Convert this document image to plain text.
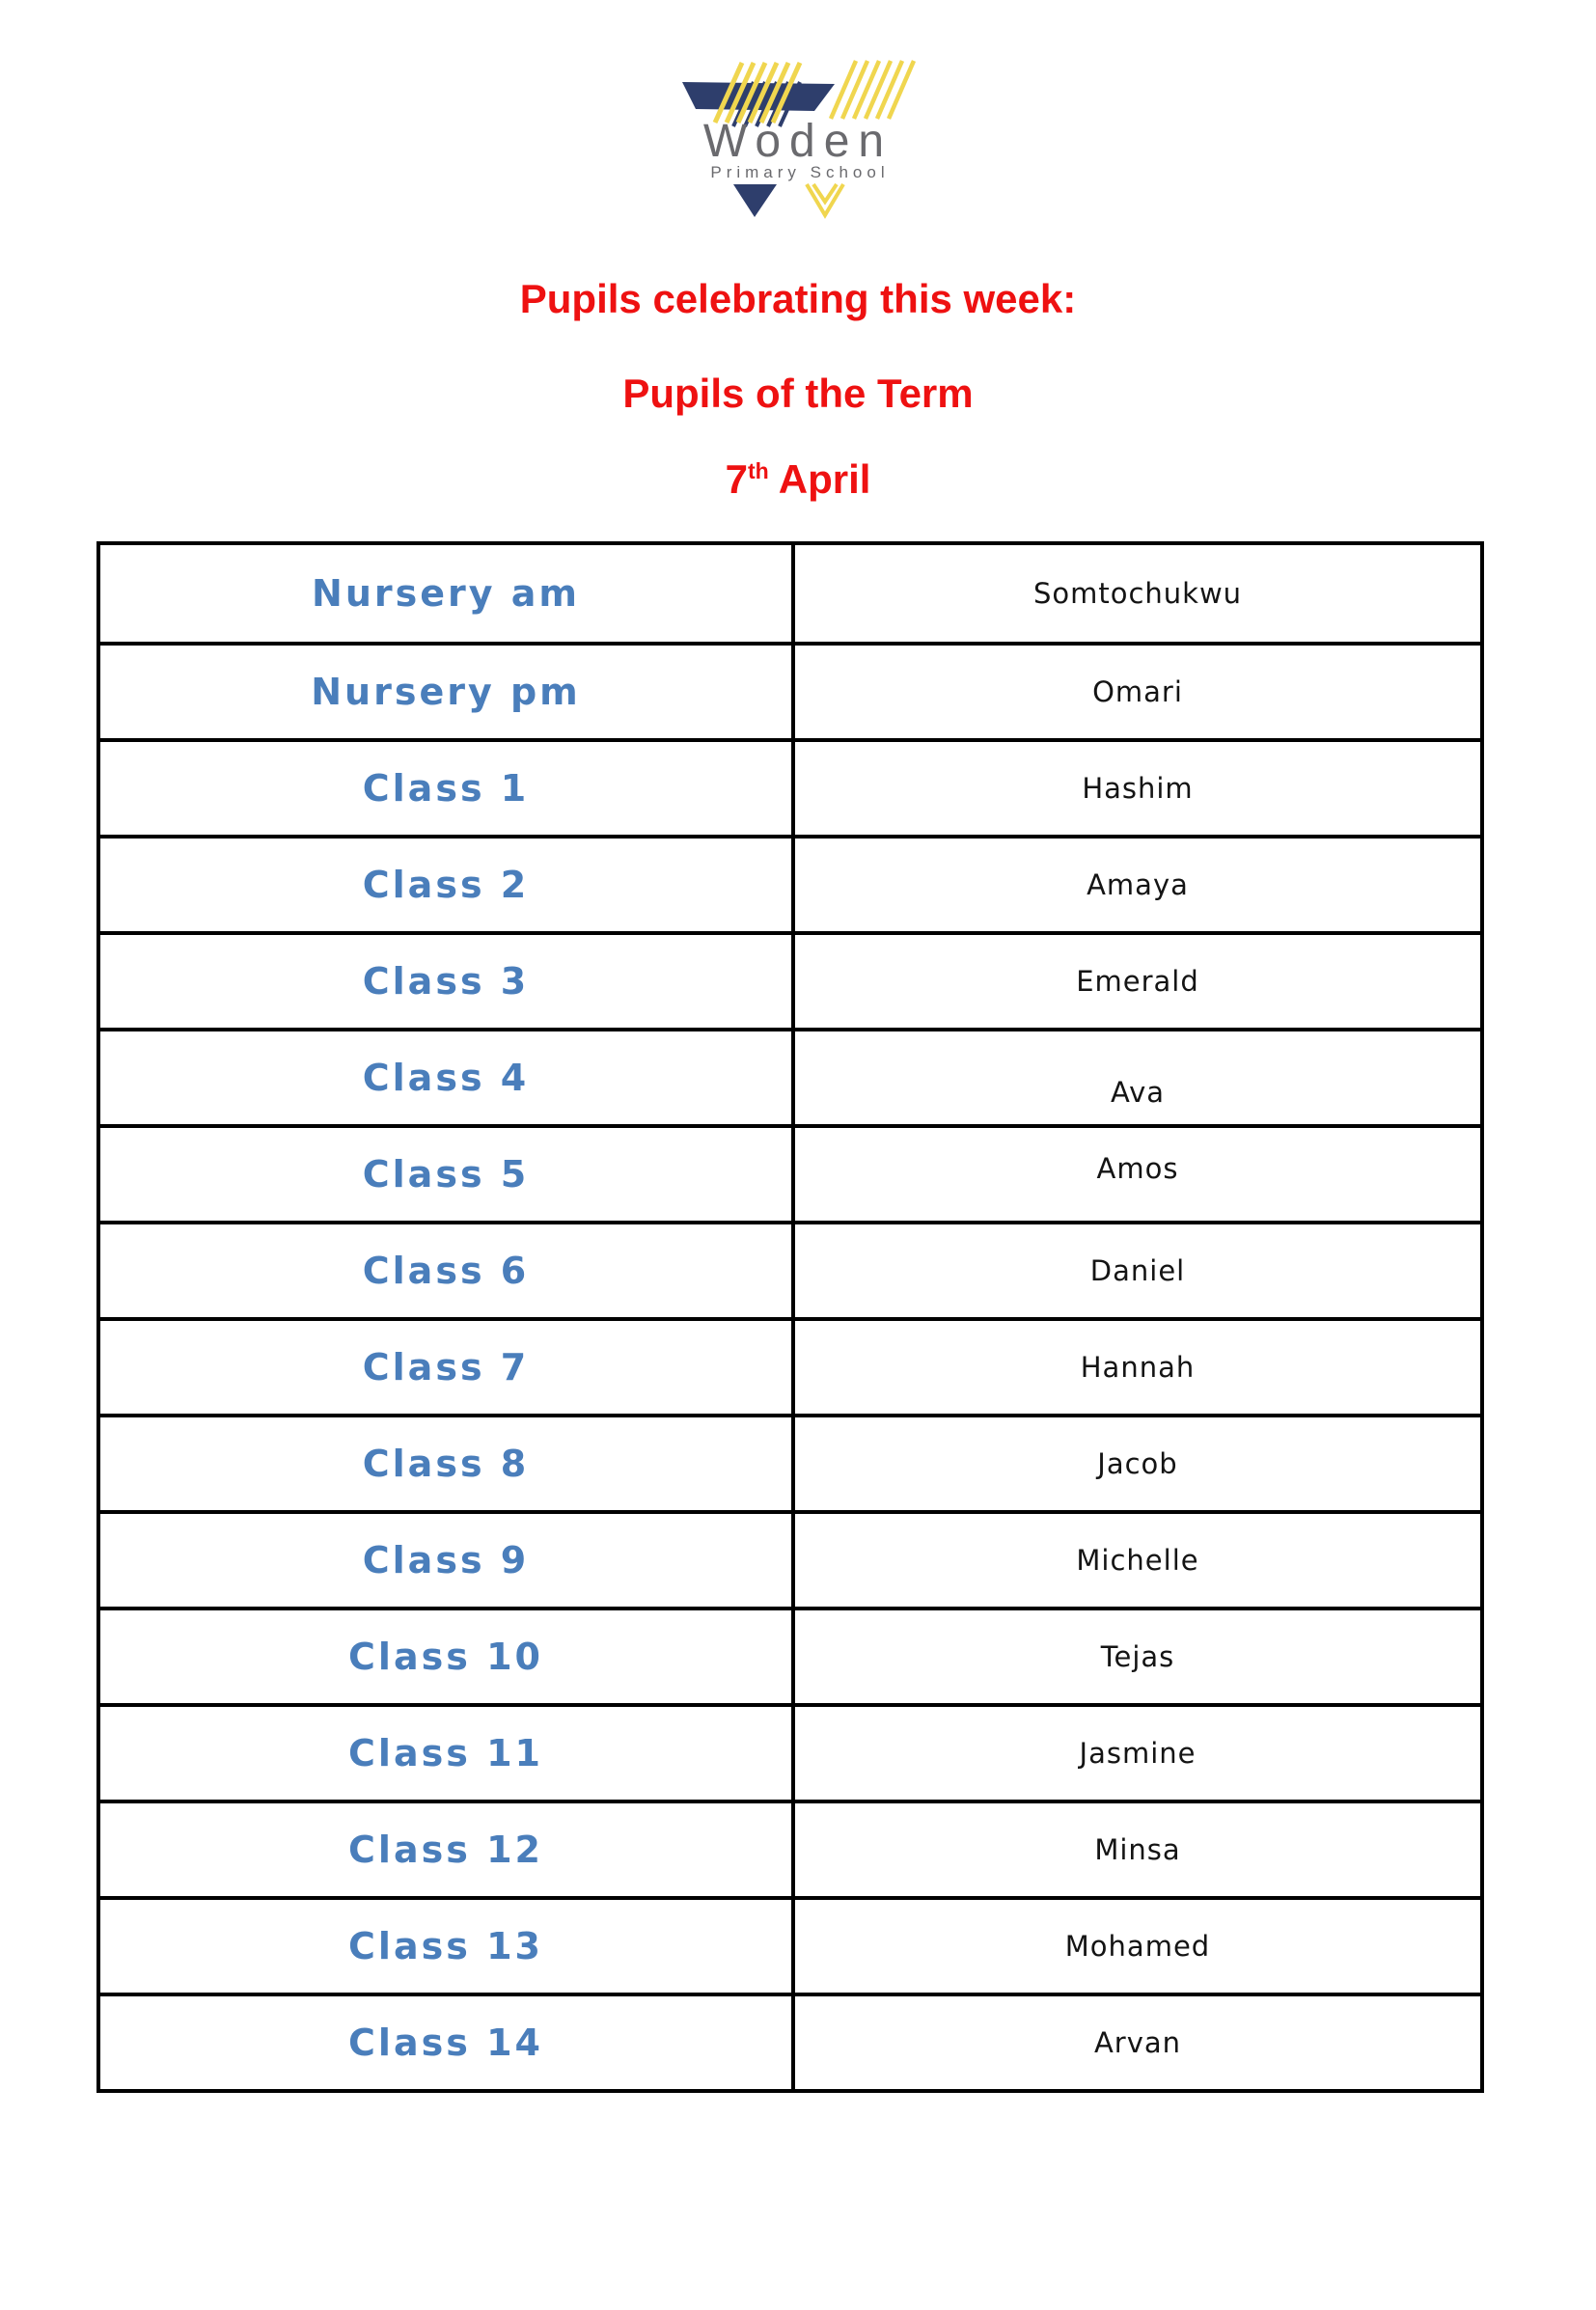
Woden
Primary School

Pupils celebrating this week:

Pupils of the Term

7th April

Nursery am	Somtochukwu
Nursery pm	Omari
Class 1	Hashim
Class 2	Amaya
Class 3	Emerald
Class 4	Ava
Class 5	Amos
Class 6	Daniel
Class 7	Hannah
Class 8	Jacob
Class 9	Michelle
Class 10	Tejas
Class 11	Jasmine
Class 12	Minsa
Class 13	Mohamed
Class 14	Arvan
